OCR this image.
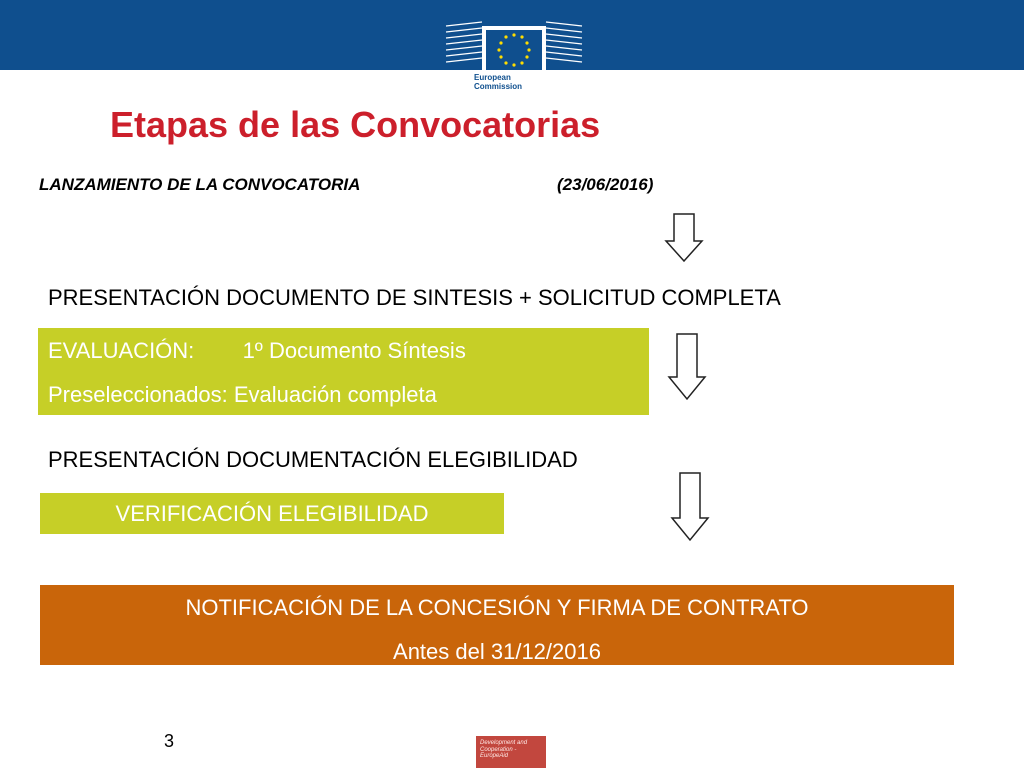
European
Commission
Etapas de las Convocatorias
LANZAMIENTO DE LA CONVOCATORIA	(23/06/2016)
PRESENTACIÓN DOCUMENTO DE SINTESIS + SOLICITUD COMPLETA
EVALUACIÓN: 1º Documento Síntesis
Preseleccionados: Evaluación completa
PRESENTACIÓN DOCUMENTACIÓN ELEGIBILIDAD
VERIFICACIÓN ELEGIBILIDAD
NOTIFICACIÓN DE LA CONCESIÓN Y FIRMA DE CONTRATO
Antes del 31/12/2016
3	Development and
Cooperation -
EuropeAid
